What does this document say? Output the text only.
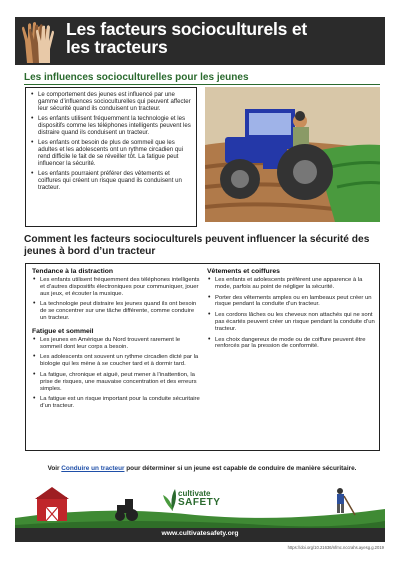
Les facteurs socioculturels et
les tracteurs
Les influences socioculturelles pour les jeunes
• Le comportement des jeunes est influencé par une gamme d’influences socioculturelles qui peuvent affecter leur sécurité quand ils conduisent un tracteur.
• Les enfants utilisent fréquemment la technologie et les dispositifs comme les téléphones intelligents peuvent les distraire quand ils conduisent un tracteur.
• Les enfants ont besoin de plus de sommeil que les adultes et les adolescents ont un rythme circadien qui rend difficile le fait de se réveiller tôt. La fatigue peut influencer la sécurité.
• Les enfants pourraient préférer des vêtements et coiffures qui créent un risque quand ils conduisent un tracteur.
Comment les facteurs socioculturels peuvent influencer la sécurité des jeunes à bord d’un tracteur
Tendance à la distraction
• Les enfants utilisent fréquemment des téléphones intelligents et d’autres dispositifs électroniques pour communiquer, jouer aux jeux, et écouter la musique.
• La technologie peut distraire les jeunes quand ils ont besoin de se concentrer sur une tâche différente, comme conduire un tracteur.
Fatigue et sommeil
• Les jeunes en Amérique du Nord trouvent rarement le sommeil dont leur corps a besoin.
• Les adolescents ont souvent un rythme circadien dicté par la biologie qui les mène à se coucher tard et à dormir tard.
• La fatigue, chronique et aiguë, peut mener à l’inattention, la prise de risques, une mauvaise concentration et des erreurs simples.
• La fatigue est un risque important pour la conduite sécuritaire d’un tracteur.
Vêtements et coiffures
• Les enfants et adolescents préfèrent une apparence à la mode, parfois au point de négliger la sécurité.
• Porter des vêtements amples ou en lambeaux peut créer un risque pendant la conduite d’un tracteur.
• Les cordons lâches ou les cheveux non attachés qui ne sont pas écartés peuvent créer un risque pendant la conduite d’un tracteur.
• Les choix dangereux de mode ou de coiffure peuvent être renforcés par la pression de conformité.
Voir Conduire un tracteur pour déterminer si un jeune est capable de conduire de manière sécuritaire.
cultivate
SAFETY
www.cultivatesafety.org
https://doi.org/10.21636/nfmc.nccrahs.ayesg.g.2019
